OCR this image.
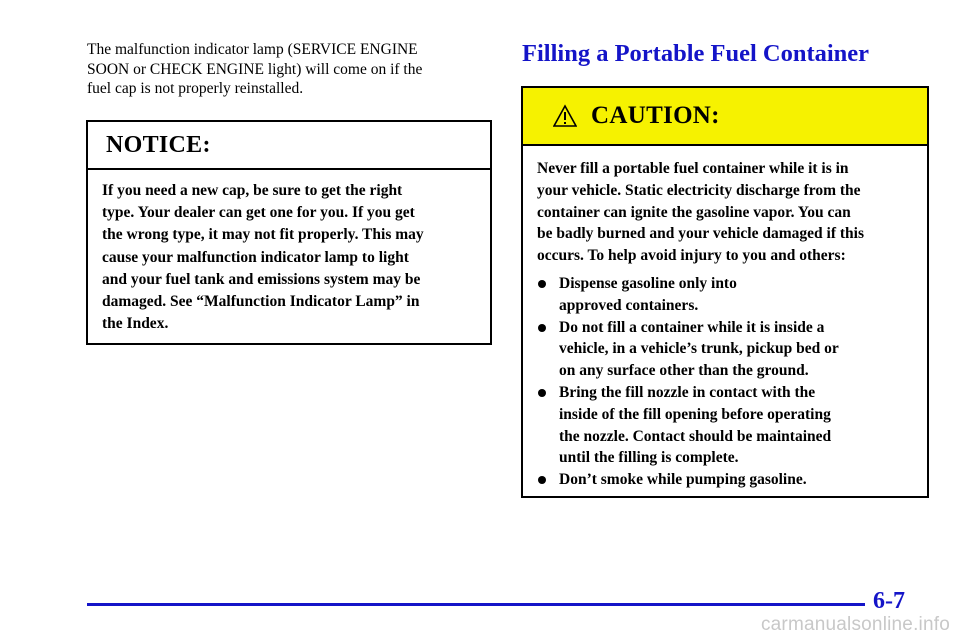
The malfunction indicator lamp (SERVICE ENGINE
SOON or CHECK ENGINE light) will come on if the
fuel cap is not properly reinstalled.

NOTICE:

If you need a new cap, be sure to get the right
type. Your dealer can get one for you. If you get
the wrong type, it may not fit properly. This may
cause your malfunction indicator lamp to light
and your fuel tank and emissions system may be
damaged. See “Malfunction Indicator Lamp” in
the Index.

Filling a Portable Fuel Container
CAUTION:

Never fill a portable fuel container while it is in
your vehicle. Static electricity discharge from the
container can ignite the gasoline vapor. You can
be badly burned and your vehicle damaged if this
occurs. To help avoid injury to you and others:

Dispense gasoline only into
approved containers.
Do not fill a container while it is inside a
vehicle, in a vehicle’s trunk, pickup bed or
on any surface other than the ground.
Bring the fill nozzle in contact with the
inside of the fill opening before operating
the nozzle. Contact should be maintained
until the filling is complete.
Don’t smoke while pumping gasoline.
6-7
carmanualsonline.info
